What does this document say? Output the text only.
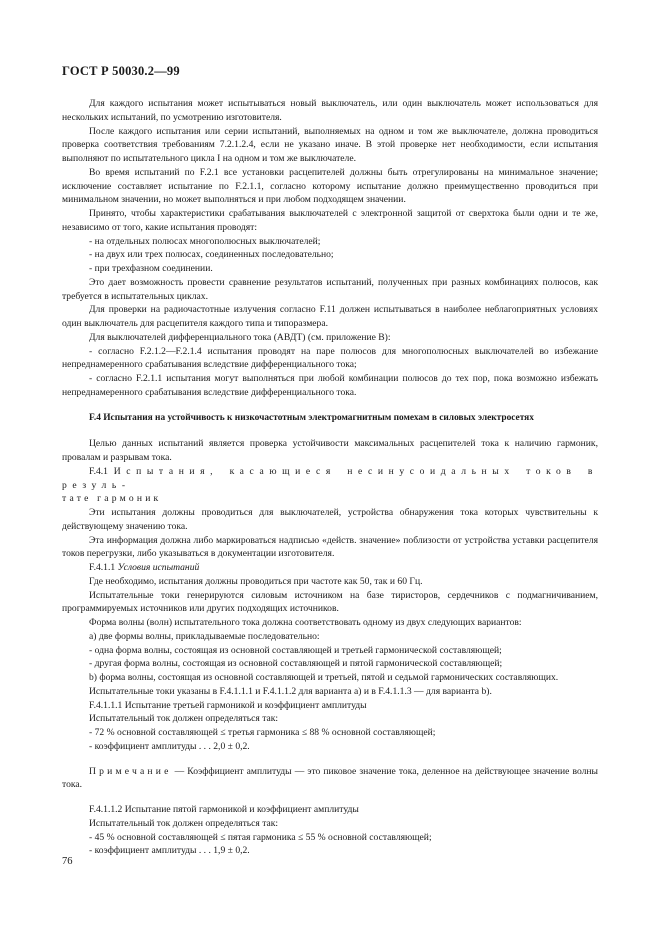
ГОСТ Р 50030.2—99

Для каждого испытания может испытываться новый выключатель, или один выключатель может использоваться для нескольких испытаний, по усмотрению изготовителя.

После каждого испытания или серии испытаний, выполняемых на одном и том же выключателе, должна проводиться проверка соответствия требованиям 7.2.1.2.4, если не указано иначе. В этой проверке нет необходимости, если испытания выполняют по испытательного цикла I на одном и том же выключателе.

Во время испытаний по F.2.1 все установки расцепителей должны быть отрегулированы на минимальное значение; исключение составляет испытание по F.2.1.1, согласно которому испытание должно преимущественно проводиться при минимальном значении, но может выполняться и при любом подходящем значении.

Принято, чтобы характеристики срабатывания выключателей с электронной защитой от сверхтока были одни и те же, независимо от того, какие испытания проводят:

- на отдельных полюсах многополюсных выключателей;

- на двух или трех полюсах, соединенных последовательно;

- при трехфазном соединении.

Это дает возможность провести сравнение результатов испытаний, полученных при разных комбинациях полюсов, как требуется в испытательных циклах.

Для проверки на радиочастотные излучения согласно F.11 должен испытываться в наиболее неблагоприятных условиях один выключатель для расцепителя каждого типа и типоразмера.

Для выключателей дифференциального тока (АВДТ) (см. приложение В):

- согласно F.2.1.2—F.2.1.4 испытания проводят на паре полюсов для многополюсных выключателей во избежание непреднамеренного срабатывания вследствие дифференциального тока;

- согласно F.2.1.1 испытания могут выполняться при любой комбинации полюсов до тех пор, пока возможно избежать непреднамеренного срабатывания вследствие дифференциального тока.

F.4 Испытания на устойчивость к низкочастотным электромагнитным помехам в силовых электросетях

Целью данных испытаний является проверка устойчивости максимальных расцепителей тока к наличию гармоник, провалам и разрывам тока.

F.4.1 Испытания, касающиеся несинусоидальных токов в резуль-

тате гармоник

Эти испытания должны проводиться для выключателей, устройства обнаружения тока которых чувствительны к действующему значению тока.

Эта информация должна либо маркироваться надписью «действ. значение» поблизости от устройства уставки расцепителя токов перегрузки, либо указываться в документации изготовителя.

F.4.1.1 Условия испытаний

Где необходимо, испытания должны проводиться при частоте как 50, так и 60 Гц.

Испытательные токи генерируются силовым источником на базе тиристоров, сердечников с подмагничиванием, программируемых источников или других подходящих источников.

Форма волны (волн) испытательного тока должна соответствовать одному из двух следующих вариантов:

а) две формы волны, прикладываемые последовательно:

- одна форма волны, состоящая из основной составляющей и третьей гармонической составляющей;

- другая форма волны, состоящая из основной составляющей и пятой гармонической составляющей;

b) форма волны, состоящая из основной составляющей и третьей, пятой и седьмой гармонических составляющих.

Испытательные токи указаны в F.4.1.1.1 и F.4.1.1.2 для варианта а) и в F.4.1.1.3 — для варианта b).

F.4.1.1.1 Испытание третьей гармоникой и коэффициент амплитуды

Испытательный ток должен определяться так:

- 72 % основной составляющей ≤ третья гармоника ≤ 88 % основной составляющей;

- коэффициент амплитуды . . . 2,0 ± 0,2.

Примечание — Коэффициент амплитуды — это пиковое значение тока, деленное на действующее значение волны тока.

F.4.1.1.2 Испытание пятой гармоникой и коэффициент амплитуды

Испытательный ток должен определяться так:

- 45 % основной составляющей ≤ пятая гармоника ≤ 55 % основной составляющей;

- коэффициент амплитуды . . . 1,9 ± 0,2.

76
